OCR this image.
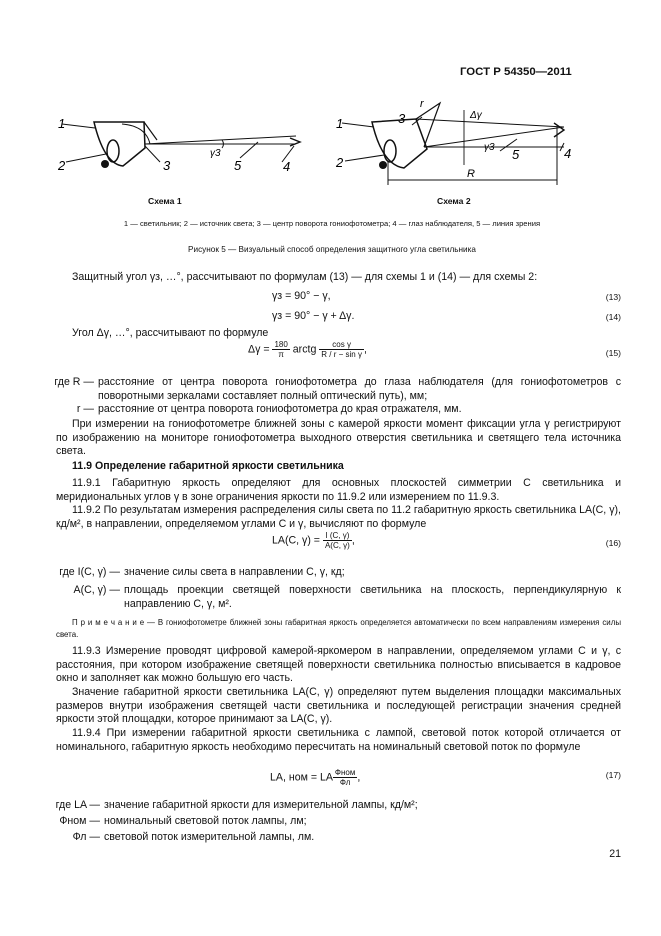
ГОСТ Р 54350—2011
1
2	3	4
5
γ3
1
2
3
4
5
r
Δγ
γ3
R
Схема 1	Схема 2
1 — светильник; 2 — источник света; 3 — центр поворота гониофотометра; 4 — глаз наблюдателя, 5 — линия зрения
Рисунок 5 — Визуальный способ определения защитного угла светильника

Защитный угол γз, …°, рассчитывают по формулам (13) — для схемы 1 и (14) — для схемы 2:

γз = 90° − γ,	(13)
γз = 90° − γ + Δγ.	(14)

Угол Δγ, …°, рассчитывают по формуле

$\Delta\gamma = \frac{180}{\pi}$ arctg $\frac{\text{cos γ}}{\text{R / r − sin γ}}$ ,	(15)
где R — расстояние от центра поворота гониофотометра до глаза наблюдателя (для гониофотометров с поворотными зеркалами составляет полный оптический путь), мм;

r — расстояние от центра поворота гониофотометра до края отражателя, мм.

При измерении на гониофотометре ближней зоны с камерой яркости момент фиксации угла γ регистрируют по изображению на мониторе гониофотометра выходного отверстия светильника и светящего тела источника света.

11.9 Определение габаритной яркости светильника

11.9.1 Габаритную яркость определяют для основных плоскостей симметрии C светильника и меридиональных углов γ в зоне ограничения яркости по 11.9.2 или измерением по 11.9.3.

11.9.2 По результатам измерения распределения силы света по 11.2 габаритную яркость светильника LA(C, γ), кд/м², в направлении, определяемом углами C и γ, вычисляют по формуле

LA(C, $\gamma) = \frac{I (C, \gamma)}{A(C, \gamma)}$ ,	(16)
где I(C, γ) — значение силы света в направлении C, γ, кд;

A(C, γ) — площадь проекции светящей поверхности светильника на плоскость, перпендикулярную к направлению C, γ, м².

П р и м е ч а н и е — В гониофотометре ближней зоны габаритная яркость определяется автоматически по всем направлениям измерения силы света.

11.9.3 Измерение проводят цифровой камерой-яркомером в направлении, определяемом углами C и γ, с расстояния, при котором изображение светящей поверхности светильника полностью вписывается в кадровое окно и заполняет как можно большую его часть.

Значение габаритной яркости светильника LA(C, γ) определяют путем выделения площадки максимальных размеров внутри изображения светящей части светильника и последующей регистрации значения средней яркости этой площадки, которое принимают за LA(C, γ).

11.9.4 При измерении габаритной яркости светильника с лампой, световой поток которой отличается от номинального, габаритную яркость необходимо пересчитать на номинальный световой поток по формуле

LA, ном = LA $\frac{\text{Фном}}{Фл}$ ,	(17)
где LA — значение габаритной яркости для измерительной лампы, кд/м²;

Фном — номинальный световой поток лампы, лм;

Фл — световой поток измерительной лампы, лм.

21
